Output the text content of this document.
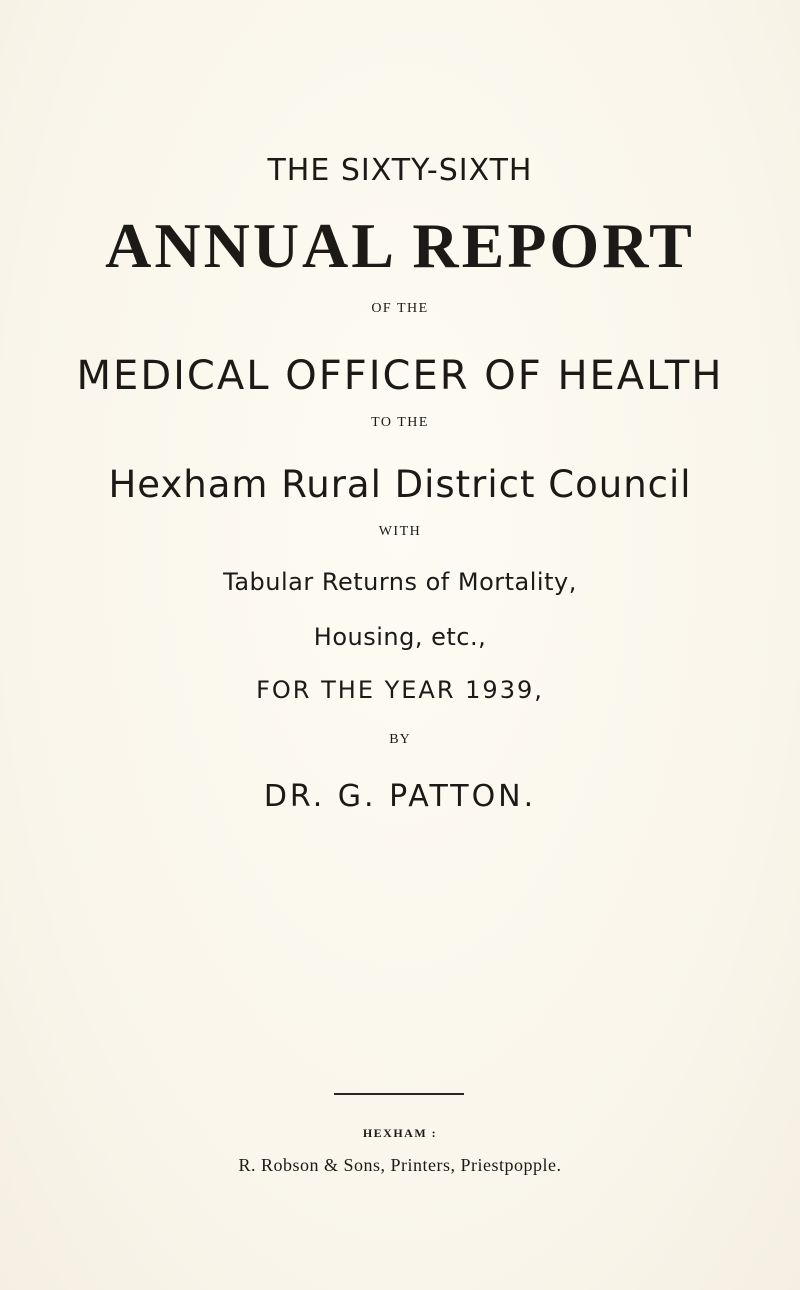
THE SIXTY-SIXTH
ANNUAL REPORT
OF THE
MEDICAL OFFICER OF HEALTH
TO THE
Hexham Rural District Council
WITH
Tabular Returns of Mortality,
Housing, etc.,
FOR THE YEAR 1939,
BY
DR. G. PATTON.
HEXHAM :
R. Robson & Sons, Printers, Priestpopple.
